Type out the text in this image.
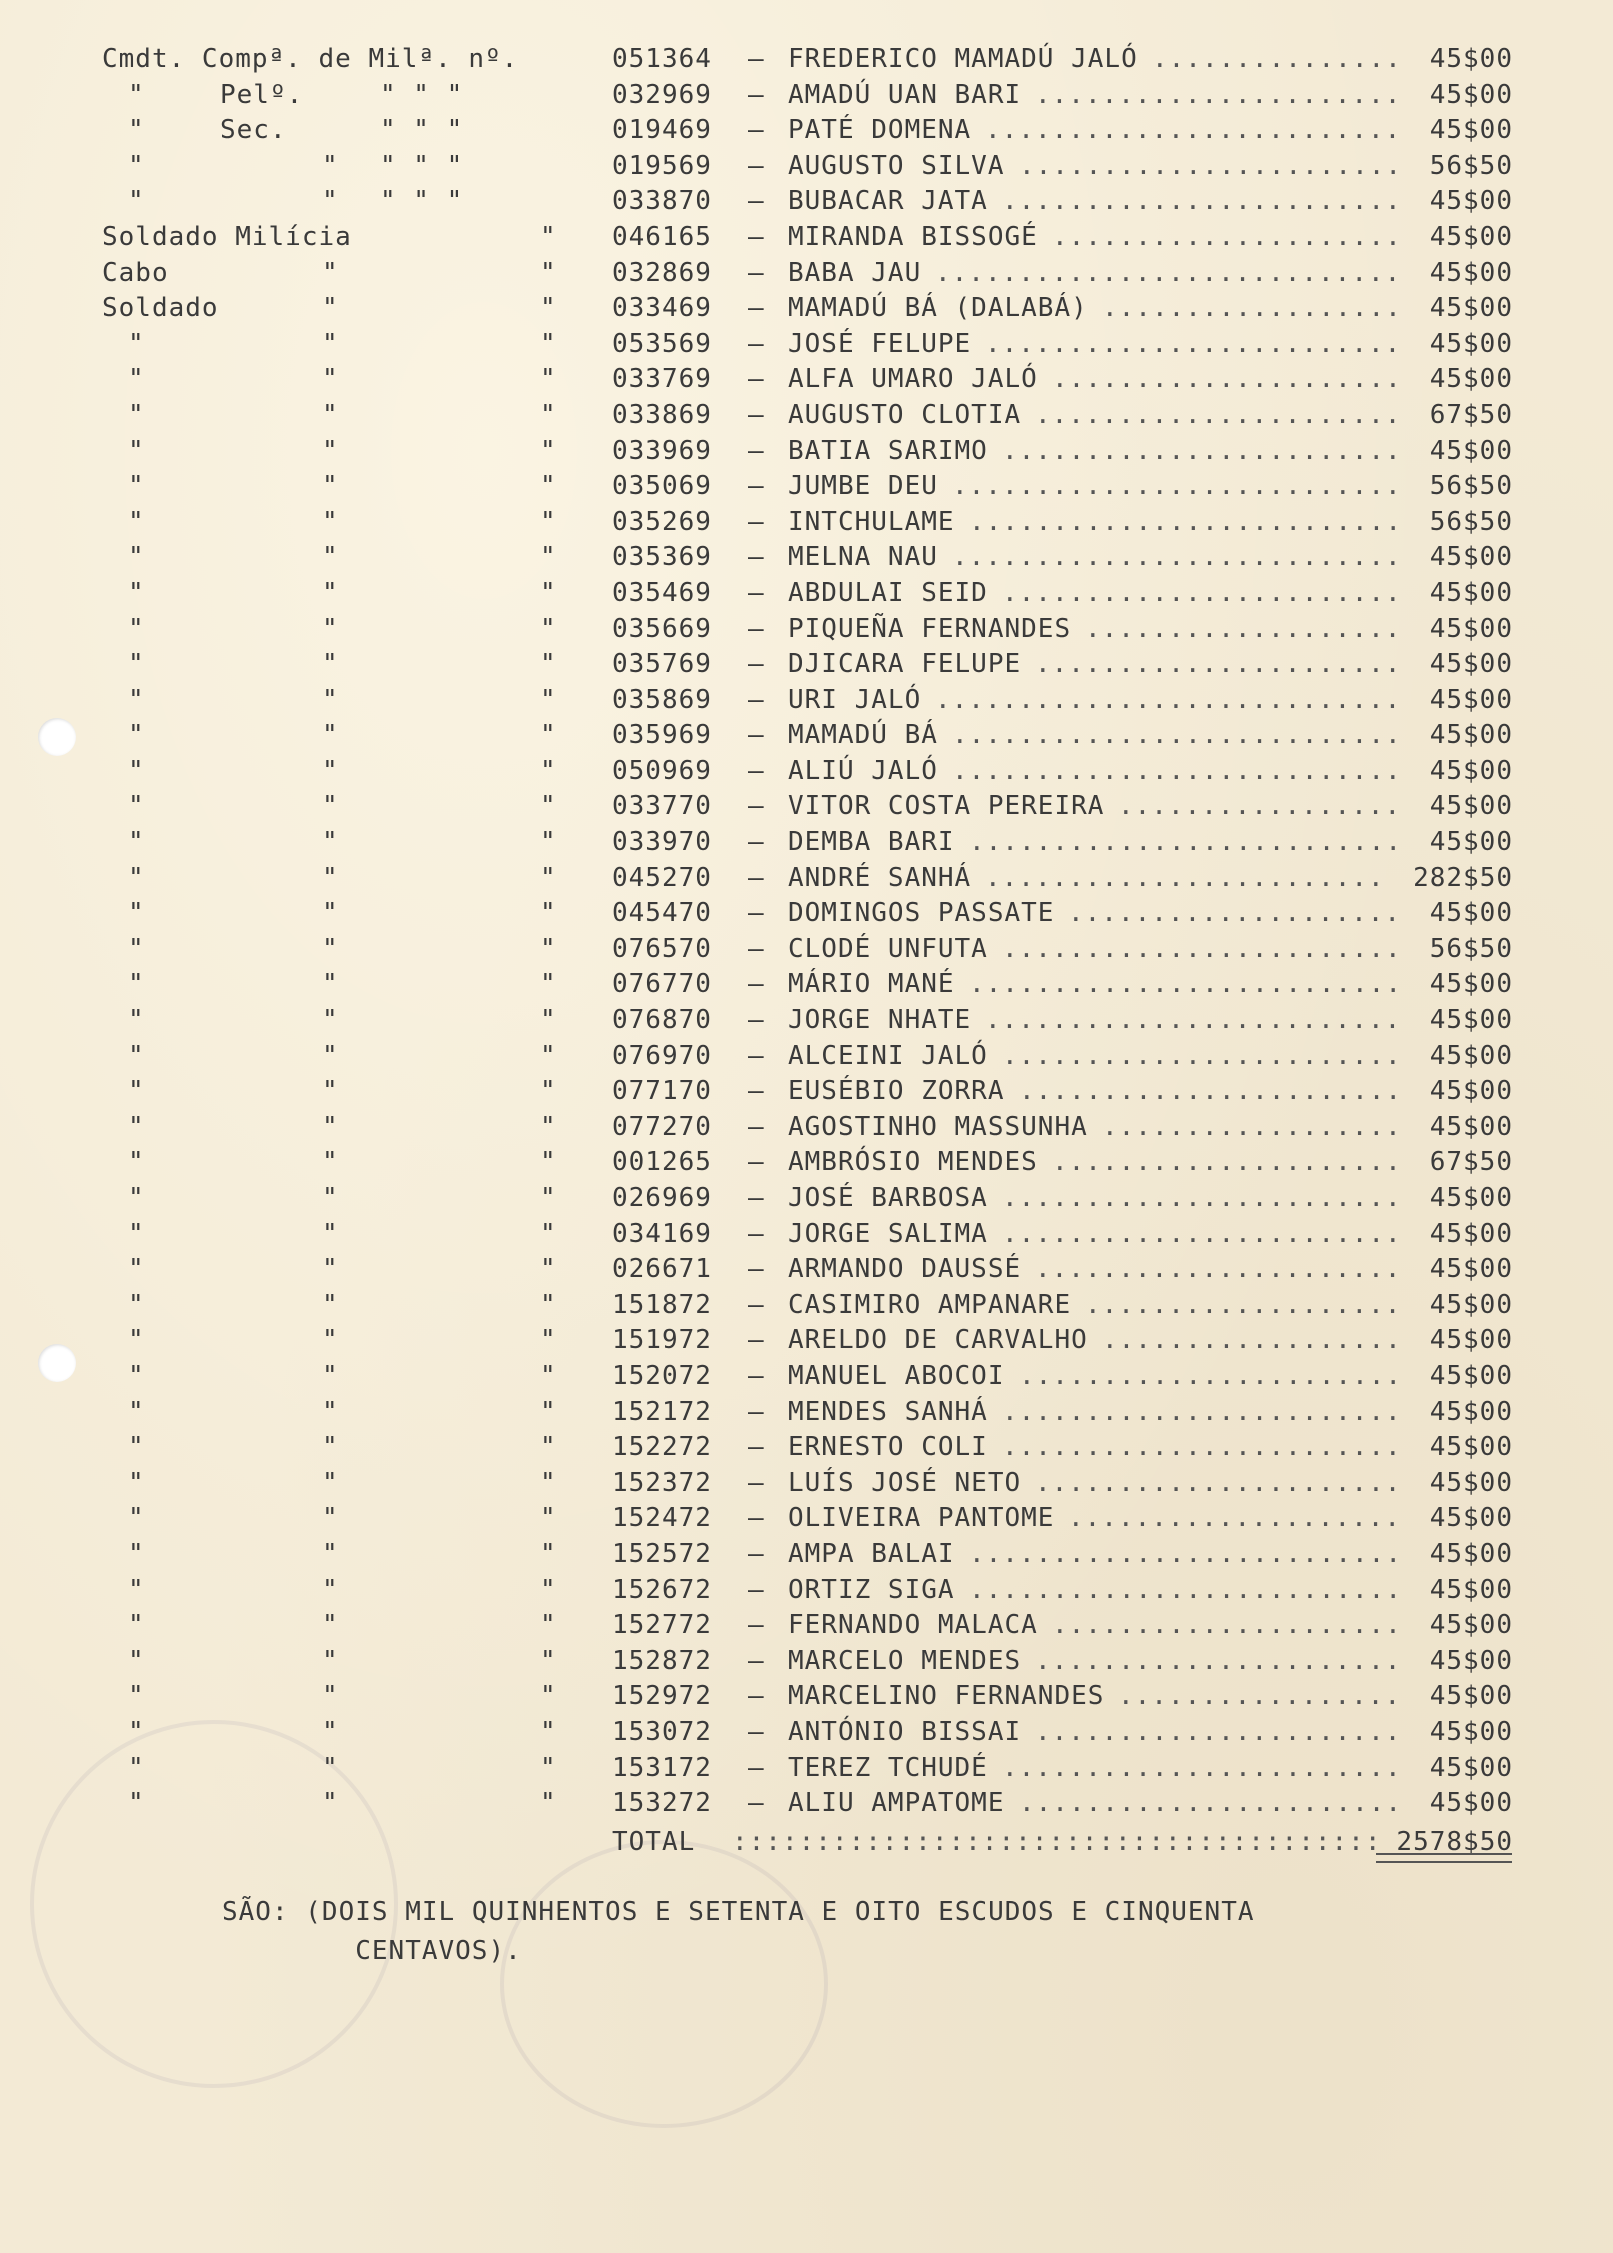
Cmdt. Compª. de Milª. nº.	051364 – FREDERICO MAMADÚ JALÓ ............... 45$00
"	Pelº.	" " "	032969 – AMADÚ UAN BARI ...................... 45$00
"	Sec.	" " "	019469 – PATÉ DOMENA ......................... 45$00
"	" " " "	019569 – AUGUSTO SILVA ....................... 56$50
"	" " " "	033870 – BUBACAR JATA ........................ 45$00
Soldado Milícia	" 046165 – MIRANDA BISSOGÉ ..................... 45$00
Cabo	"	" 032869 – BABA JAU ............................ 45$00
Soldado	"	" 033469 – MAMADÚ BÁ (DALABÁ) .................. 45$00
"	"	" 053569 – JOSÉ FELUPE ......................... 45$00
"	"	" 033769 – ALFA UMARO JALÓ ..................... 45$00
"	"	" 033869 – AUGUSTO CLOTIA ...................... 67$50
"	"	" 033969 – BATIA SARIMO ........................ 45$00
"	"	" 035069 – JUMBE DEU ........................... 56$50
"	"	" 035269 – INTCHULAME .......................... 56$50
"	"	" 035369 – MELNA NAU ........................... 45$00
"	"	" 035469 – ABDULAI SEID ........................ 45$00
"	"	" 035669 – PIQUEÑA FERNANDES ................... 45$00
"	"	" 035769 – DJICARA FELUPE ...................... 45$00
"	"	" 035869 – URI JALÓ ............................ 45$00
"	"	" 035969 – MAMADÚ BÁ ........................... 45$00
"	"	" 050969 – ALIÚ JALÓ ........................... 45$00
"	"	" 033770 – VITOR COSTA PEREIRA ................. 45$00
"	"	" 033970 – DEMBA BARI .......................... 45$00
"	"	" 045270 – ANDRÉ SANHÁ ........................ 282$50
"	"	" 045470 – DOMINGOS PASSATE .................... 45$00
"	"	" 076570 – CLODÉ UNFUTA ........................ 56$50
"	"	" 076770 – MÁRIO MANÉ .......................... 45$00
"	"	" 076870 – JORGE NHATE ......................... 45$00
"	"	" 076970 – ALCEINI JALÓ ........................ 45$00
"	"	" 077170 – EUSÉBIO ZORRA ....................... 45$00
"	"	" 077270 – AGOSTINHO MASSUNHA .................. 45$00
"	"	" 001265 – AMBRÓSIO MENDES ..................... 67$50
"	"	" 026969 – JOSÉ BARBOSA ........................ 45$00
"	"	" 034169 – JORGE SALIMA ........................ 45$00
"	"	" 026671 – ARMANDO DAUSSÉ ...................... 45$00
"	"	" 151872 – CASIMIRO AMPANARE ................... 45$00
"	"	" 151972 – ARELDO DE CARVALHO .................. 45$00
"	"	" 152072 – MANUEL ABOCOI ....................... 45$00
"	"	" 152172 – MENDES SANHÁ ........................ 45$00
"	"	" 152272 – ERNESTO COLI ........................ 45$00
"	"	" 152372 – LUÍS JOSÉ NETO ...................... 45$00
"	"	" 152472 – OLIVEIRA PANTOME .................... 45$00
"	"	" 152572 – AMPA BALAI .......................... 45$00
"	"	" 152672 – ORTIZ SIGA .......................... 45$00
"	"	" 152772 – FERNANDO MALACA ..................... 45$00
"	"	" 152872 – MARCELO MENDES ...................... 45$00
"	"	" 152972 – MARCELINO FERNANDES ................. 45$00
"	"	" 153072 – ANTÓNIO BISSAI ...................... 45$00
"	"	" 153172 – TEREZ TCHUDÉ ........................ 45$00
"	"	" 153272 – ALIU AMPATOME ....................... 45$00
TOTAL ::::::::::::::::::::::::::::::::::::::: 2578$50
SÃO: (DOIS MIL QUINHENTOS E SETENTA E OITO ESCUDOS E CINQUENTA
CENTAVOS).
